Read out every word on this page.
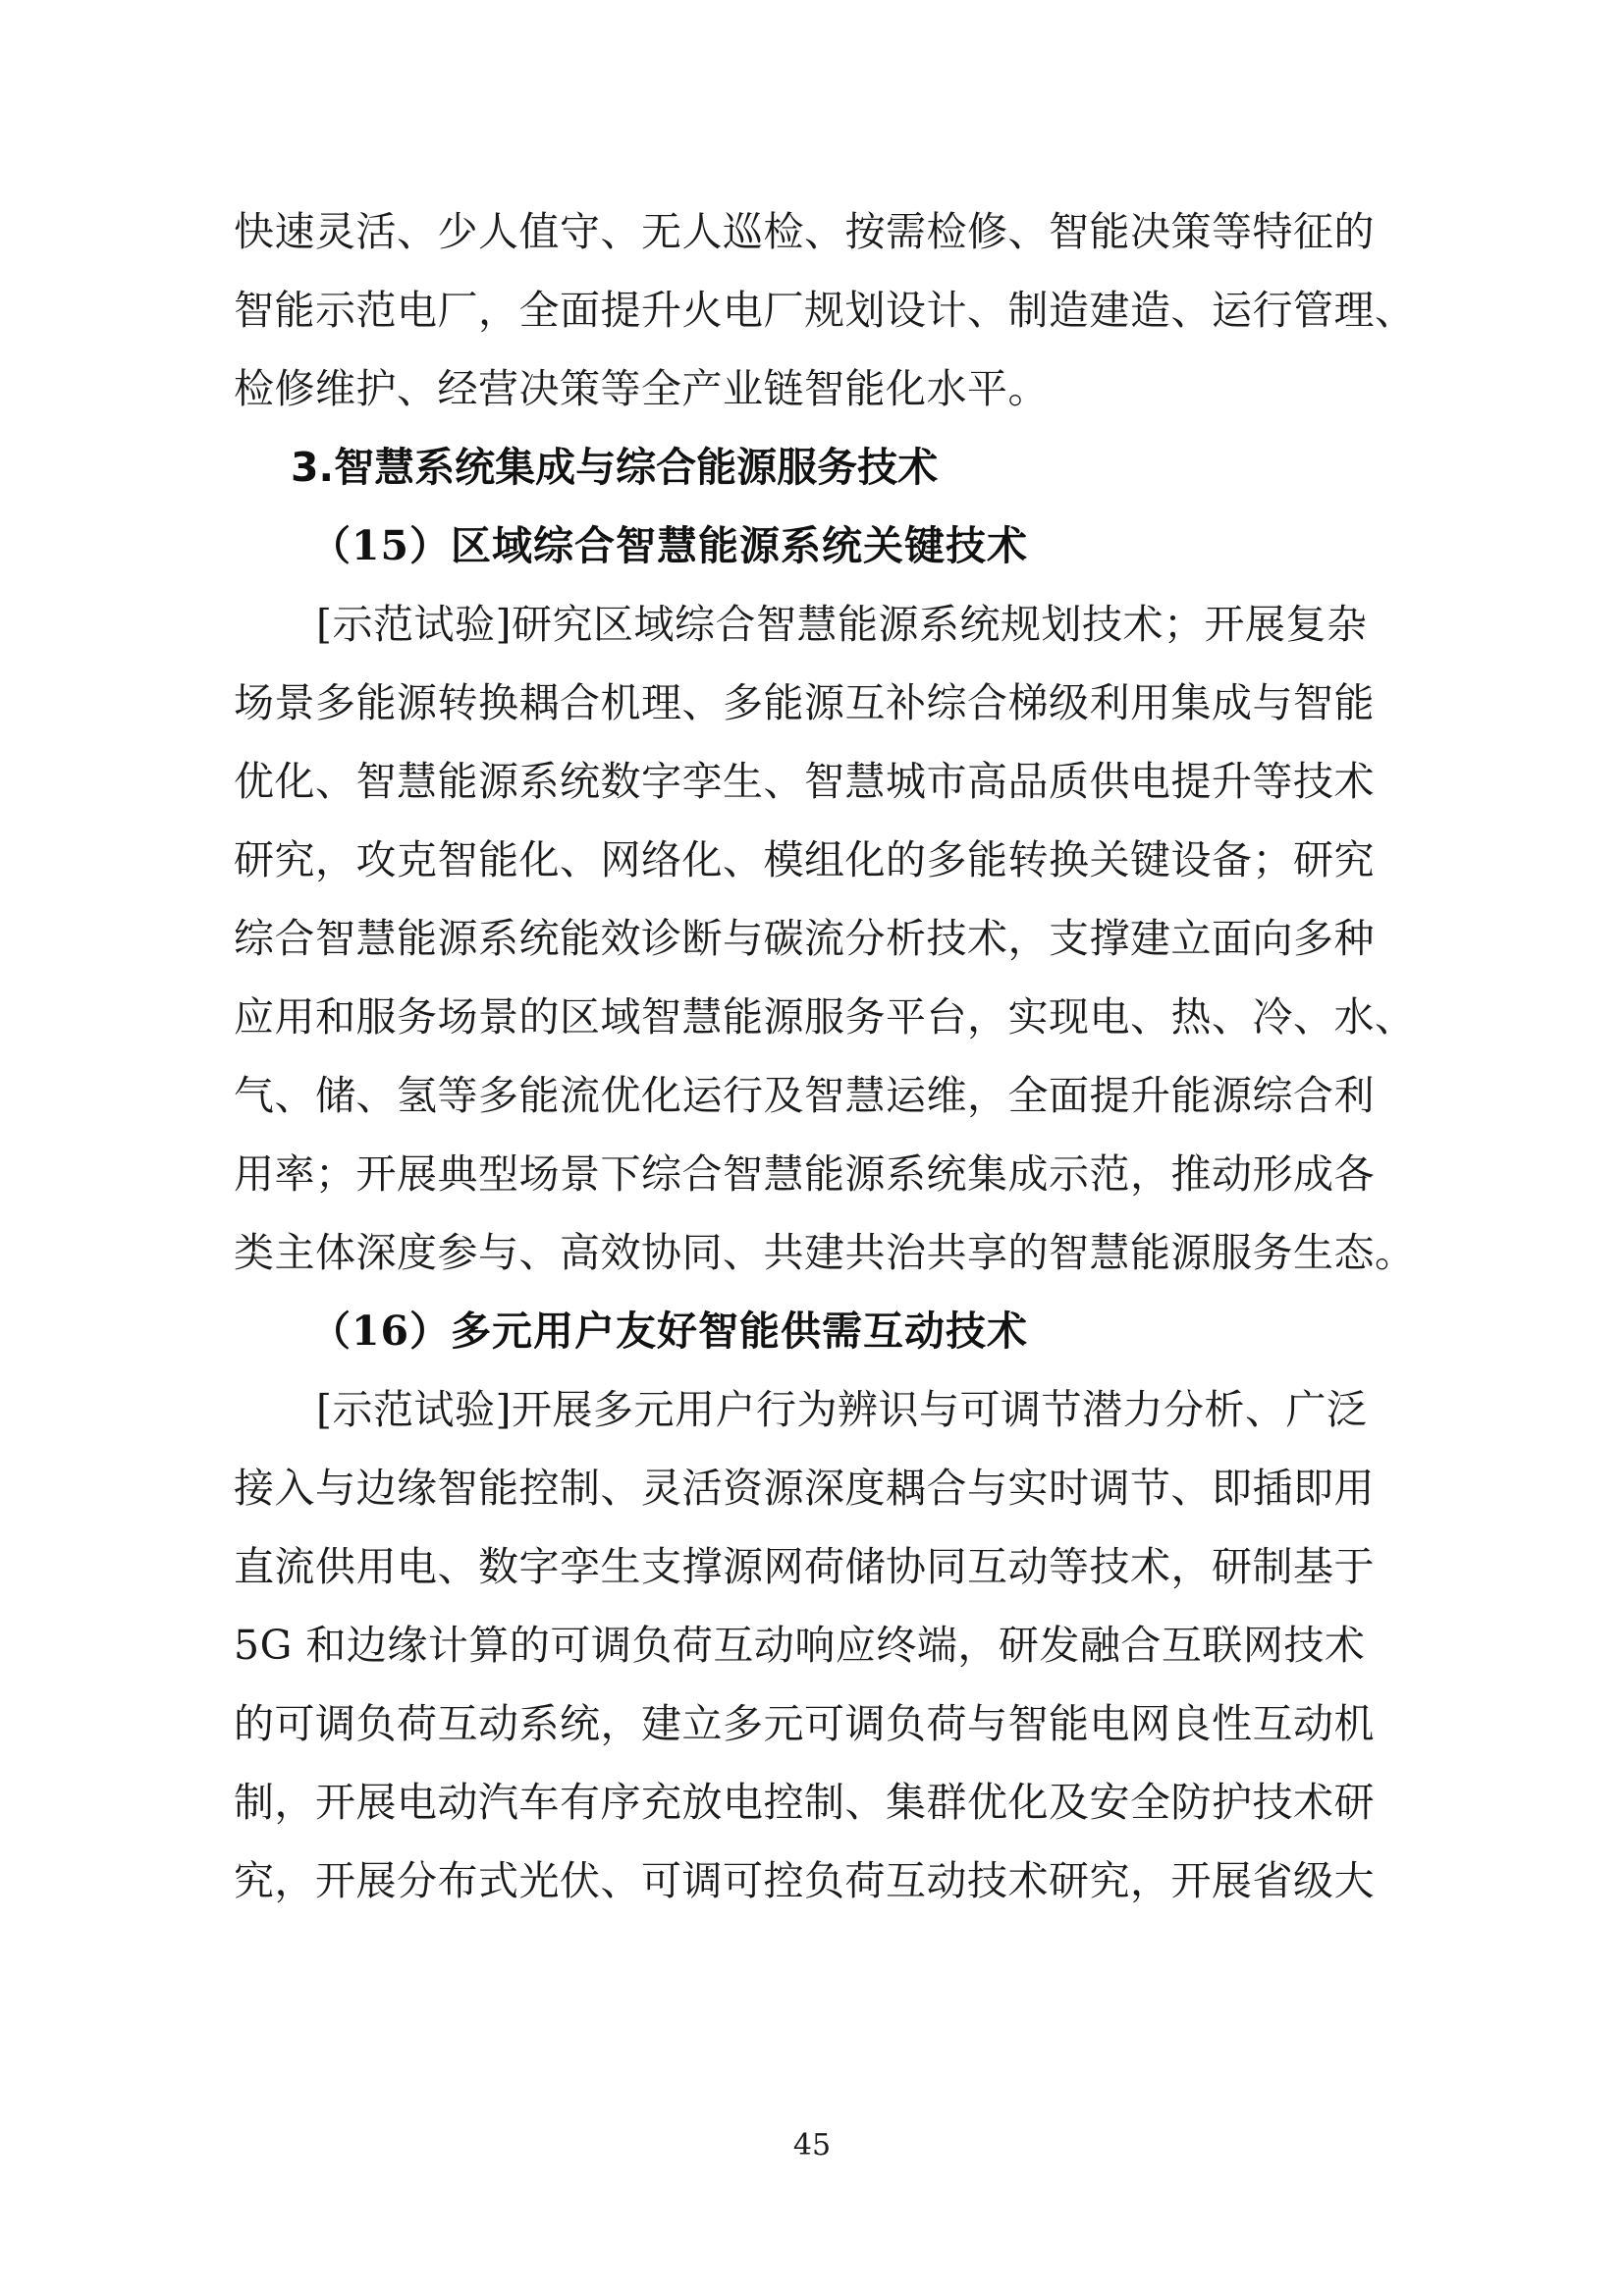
快速灵活、少人值守、无人巡检、按需检修、智能决策等特征的
智能示范电厂，全面提升火电厂规划设计、制造建造、运行管理、
检修维护、经营决策等全产业链智能化水平。
3.智慧系统集成与综合能源服务技术
（15）区域综合智慧能源系统关键技术
[示范试验]研究区域综合智慧能源系统规划技术；开展复杂
场景多能源转换耦合机理、多能源互补综合梯级利用集成与智能
优化、智慧能源系统数字孪生、智慧城市高品质供电提升等技术
研究，攻克智能化、网络化、模组化的多能转换关键设备；研究
综合智慧能源系统能效诊断与碳流分析技术，支撑建立面向多种
应用和服务场景的区域智慧能源服务平台，实现电、热、冷、水、
气、储、氢等多能流优化运行及智慧运维，全面提升能源综合利
用率；开展典型场景下综合智慧能源系统集成示范，推动形成各
类主体深度参与、高效协同、共建共治共享的智慧能源服务生态。
（16）多元用户友好智能供需互动技术
[示范试验]开展多元用户行为辨识与可调节潜力分析、广泛
接入与边缘智能控制、灵活资源深度耦合与实时调节、即插即用
直流供用电、数字孪生支撑源网荷储协同互动等技术，研制基于
5G 和边缘计算的可调负荷互动响应终端，研发融合互联网技术
的可调负荷互动系统，建立多元可调负荷与智能电网良性互动机
制，开展电动汽车有序充放电控制、集群优化及安全防护技术研
究，开展分布式光伏、可调可控负荷互动技术研究，开展省级大
45
